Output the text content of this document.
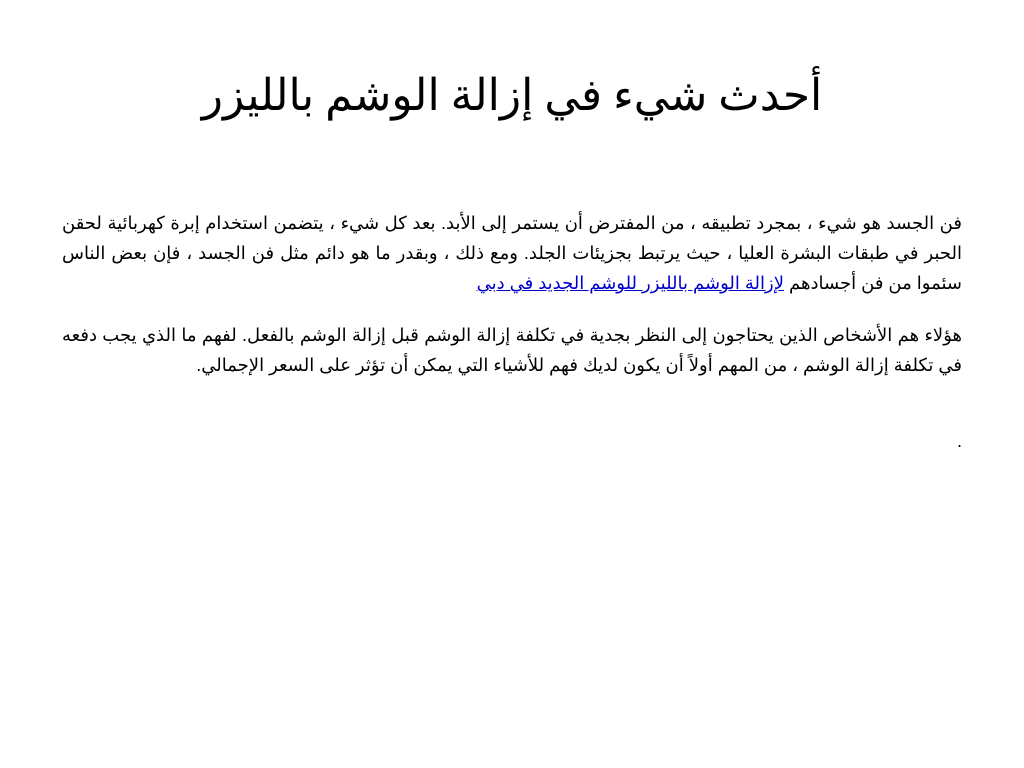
أحدث شيء في إزالة الوشم بالليزر

فن الجسد هو شيء ، بمجرد تطبيقه ، من المفترض أن يستمر إلى الأبد. بعد كل شيء ، يتضمن استخدام إبرة كهربائية لحقن الحبر في طبقات البشرة العليا ، حيث يرتبط بجزيئات الجلد. ومع ذلك ، وبقدر ما هو دائم مثل فن الجسد ، فإن بعض الناس سئموا من فن أجسادهم لإزالة الوشم بالليزر للوشم الجديد في دبي

هؤلاء هم الأشخاص الذين يحتاجون إلى النظر بجدية في تكلفة إزالة الوشم قبل إزالة الوشم بالفعل. لفهم ما الذي يجب دفعه في تكلفة إزالة الوشم ، من المهم أولاً أن يكون لديك فهم للأشياء التي يمكن أن تؤثر على السعر الإجمالي.

.
